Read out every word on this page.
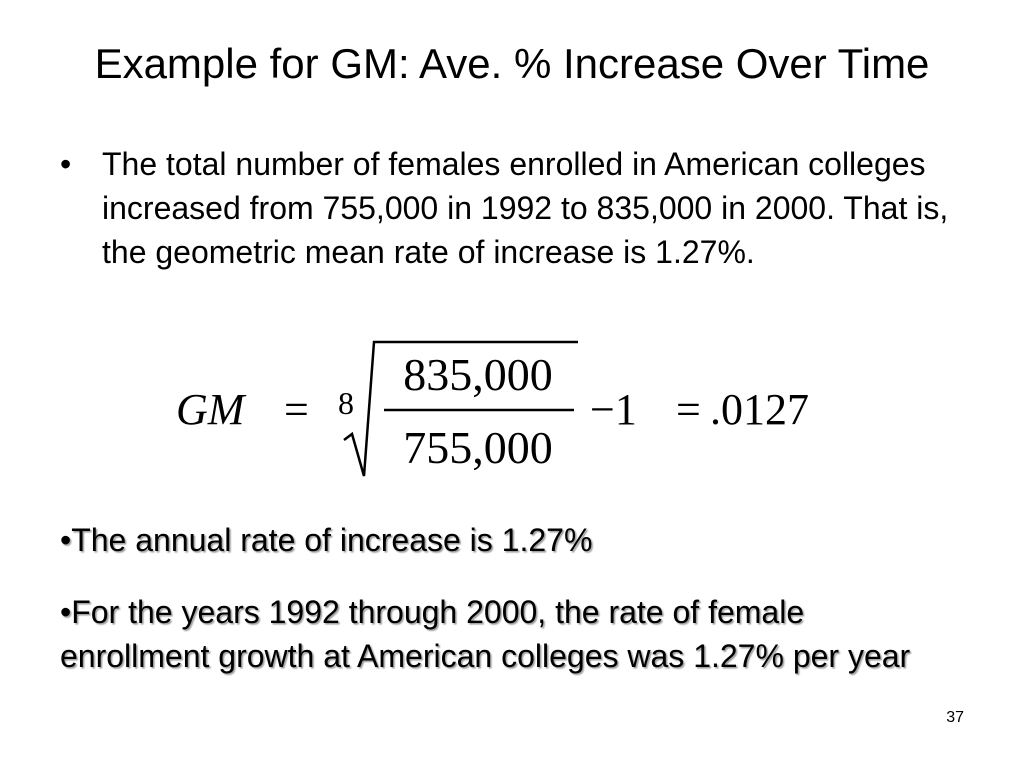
Example for GM: Ave. % Increase Over Time
• The total number of females enrolled in American colleges increased from 755,000 in 1992 to 835,000 in 2000. That is, the geometric mean rate of increase is 1.27%.
GM = 8
835,000
755,000
−1 = .0127
•The annual rate of increase is 1.27%
•For the years 1992 through 2000, the rate of female enrollment growth at American colleges was 1.27% per year
37
